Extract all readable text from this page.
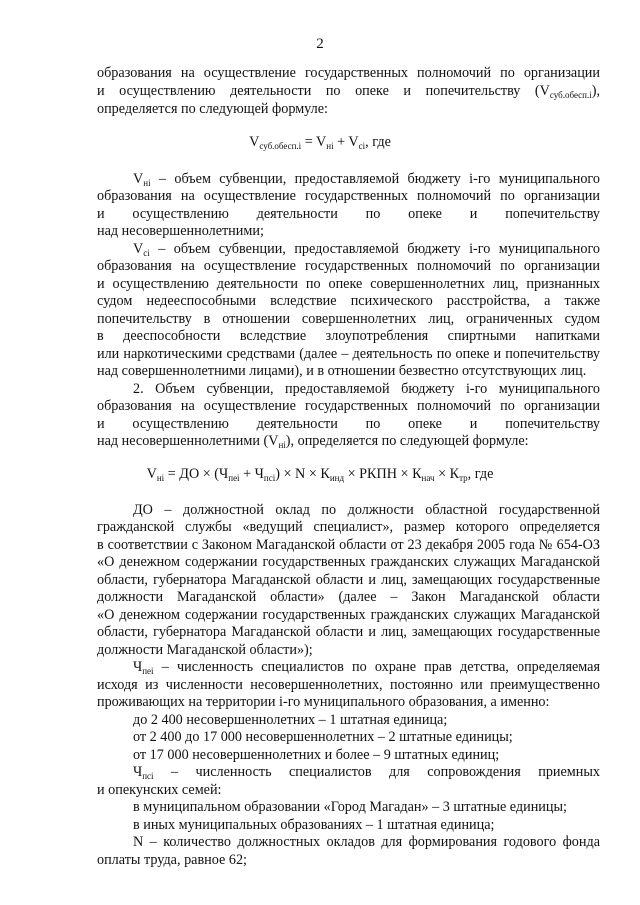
2
образования на осуществление государственных полномочий по организации
и осуществлению деятельности по опеке и попечительству $(V_{суб.обесп.i})$,
определяется по следующей формуле:
$V_{суб.обесп.i} = V_{нi} + V_{сi}$, где
$V_{нi}$ – объем субвенции, предоставляемой бюджету i-го муниципального
образования на осуществление государственных полномочий по организации
и осуществлению деятельности по опеке и попечительству
над несовершеннолетними;
$V_{сi}$ – объем субвенции, предоставляемой бюджету i-го муниципального
образования на осуществление государственных полномочий по организации
и осуществлению деятельности по опеке совершеннолетних лиц, признанных
судом недееспособными вследствие психического расстройства, а также
попечительству в отношении совершеннолетних лиц, ограниченных судом
в дееспособности вследствие злоупотребления спиртными напитками
или наркотическими средствами (далее – деятельность по опеке и попечительству
над совершеннолетними лицами), и в отношении безвестно отсутствующих лиц.
2. Объем субвенции, предоставляемой бюджету i-го муниципального
образования на осуществление государственных полномочий по организации
и осуществлению деятельности по опеке и попечительству
над несовершеннолетними $(V_{нi})$, определяется по следующей формуле:
$V_{нi}$ = ДО × $(Ч_{пei} + Ч_{псi}) \times N \times К_{инд}$ × РКПН × $К_{нач} \times К_{тр}$, где
ДО – должностной оклад по должности областной государственной
гражданской службы «ведущий специалист», размер которого определяется
в соответствии с Законом Магаданской области от 23 декабря 2005 года № 654-ОЗ
«О денежном содержании государственных гражданских служащих Магаданской
области, губернатора Магаданской области и лиц, замещающих государственные
должности Магаданской области» (далее – Закон Магаданской области
«О денежном содержании государственных гражданских служащих Магаданской
области, губернатора Магаданской области и лиц, замещающих государственные
должности Магаданской области»);
$Ч_{пei}$ – численность специалистов по охране прав детства, определяемая
исходя из численности несовершеннолетних, постоянно или преимущественно
проживающих на территории i-го муниципального образования, а именно:
до 2 400 несовершеннолетних – 1 штатная единица;
от 2 400 до 17 000 несовершеннолетних – 2 штатные единицы;
от 17 000 несовершеннолетних и более – 9 штатных единиц;
$Ч_{псi}$ – численность специалистов для сопровождения приемных
и опекунских семей:
в муниципальном образовании «Город Магадан» – 3 штатные единицы;
в иных муниципальных образованиях – 1 штатная единица;
N – количество должностных окладов для формирования годового фонда
оплаты труда, равное 62;
